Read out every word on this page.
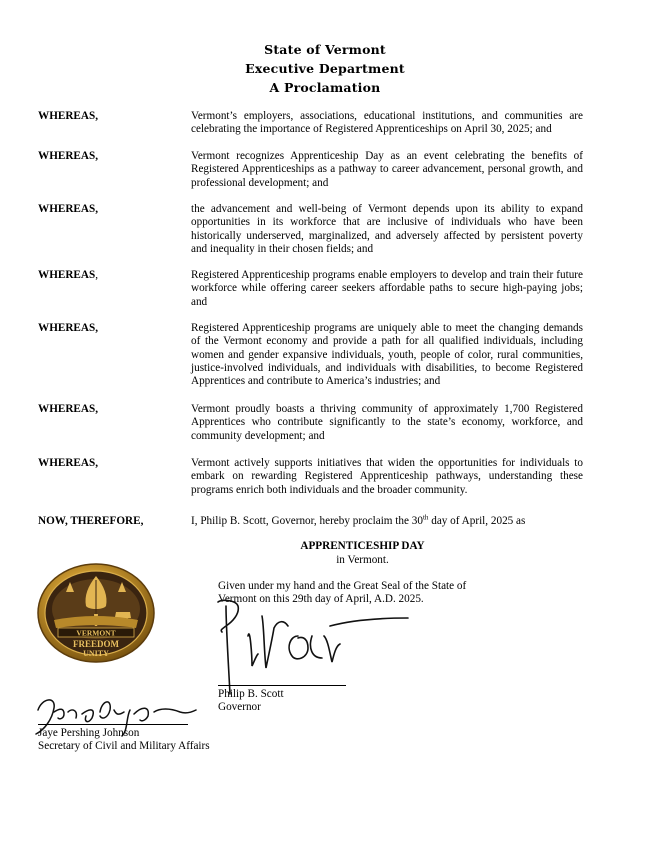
State of Vermont
Executive Department
A Proclamation
WHEREAS,	Vermont’s employers, associations, educational institutions, and communities are celebrating the importance of Registered Apprenticeships on April 30, 2025; and
WHEREAS,	Vermont recognizes Apprenticeship Day as an event celebrating the benefits of Registered Apprenticeships as a pathway to career advancement, personal growth, and professional development; and
WHEREAS,	the advancement and well-being of Vermont depends upon its ability to expand opportunities in its workforce that are inclusive of individuals who have been historically underserved, marginalized, and adversely affected by persistent poverty and inequality in their chosen fields; and
WHEREAS,	Registered Apprenticeship programs enable employers to develop and train their future workforce while offering career seekers affordable paths to secure high-paying jobs; and
WHEREAS,	Registered Apprenticeship programs are uniquely able to meet the changing demands of the Vermont economy and provide a path for all qualified individuals, including women and gender expansive individuals, youth, people of color, rural communities, justice-involved individuals, and individuals with disabilities, to become Registered Apprentices and contribute to America’s industries; and
WHEREAS,	Vermont proudly boasts a thriving community of approximately 1,700 Registered Apprentices who contribute significantly to the state’s economy, workforce, and community development; and
WHEREAS,	Vermont actively supports initiatives that widen the opportunities for individuals to embark on rewarding Registered Apprenticeship pathways, understanding these programs enrich both individuals and the broader community.
NOW, THEREFORE,	I, Philip B. Scott, Governor, hereby proclaim the 30th day of April, 2025 as
APPRENTICESHIP DAY
in Vermont.
VERMONT
FREEDOM
UNITY
Given under my hand and the Great Seal of the State of
Vermont on this 29th day of April, A.D. 2025.
Philip B. Scott
Governor
Jaye Pershing Johnson
Secretary of Civil and Military Affairs
